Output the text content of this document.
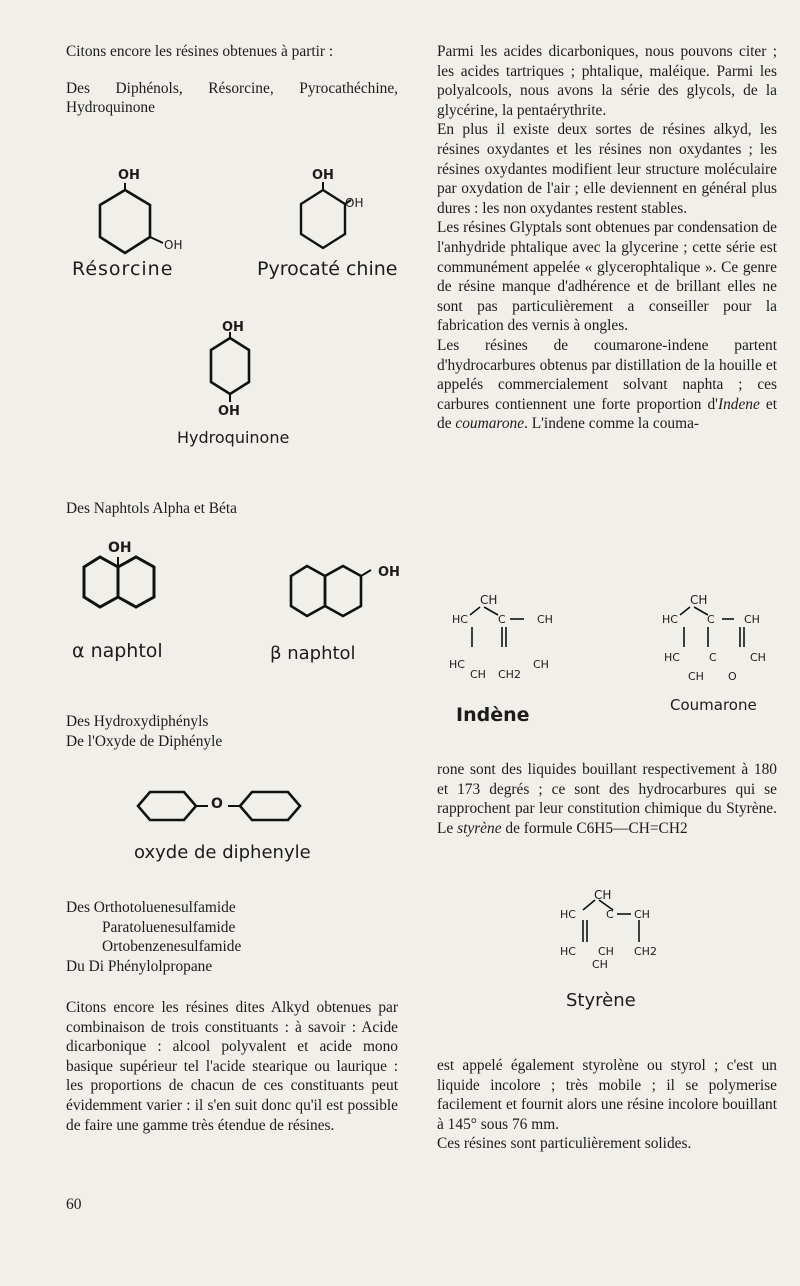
Citons encore les résines obtenues à partir :

Des Diphénols, Résorcine, Pyrocathéchine, Hydroquinone

OH
OH
Résorcine
OH
OH
Pyrocaté chine
OH
OH
Hydroquinone

Des Naphtols Alpha et Béta

OH
α naphtol
OH
β naphtol

Des Hydroxydiphényls

De l'Oxyde de Diphényle

O
oxyde de diphenyle

Des Orthotoluenesulfamide

Paratoluenesulfamide

Ortobenzenesulfamide

Du Di Phénylolpropane

Citons encore les résines dites Alkyd obtenues par combinaison de trois constituants : à savoir : Acide dicarbonique : alcool polyvalent et acide mono basique supérieur tel l'acide stearique ou laurique : les proportions de chacun de ces constituants peut évidemment varier : il s'en suit donc qu'il est possible de faire une gamme très étendue de résines.

Parmi les acides dicarboniques, nous pouvons citer ; les acides tartriques ; phtalique, maléique. Parmi les polyalcools, nous avons la série des glycols, de la glycérine, la pentaérythrite.

En plus il existe deux sortes de résines alkyd, les résines oxydantes et les résines non oxydantes ; les résines oxydantes modifient leur structure moléculaire par oxydation de l'air ; elle deviennent en général plus dures : les non oxydantes restent stables.

Les résines Glyptals sont obtenues par condensation de l'anhydride phtalique avec la glycerine ; cette série est communément appelée « glycerophtalique ». Ce genre de résine manque d'adhérence et de brillant elles ne sont pas particulièrement a conseiller pour la fabrication des vernis à ongles.

Les résines de coumarone-indene partent d'hydrocarbures obtenus par distillation de la houille et appelés commercialement solvant naphta ; ces carbures contiennent une forte proportion d'Indene et de coumarone. L'indene comme la couma-

CH
HC	C	CH
HC
CH CH2
CH
Indène
CH
HC	C	CH
HC	C	CH
CH O
Coumarone

rone sont des liquides bouillant respectivement à 180 et 173 degrés ; ce sont des hydrocarbures qui se rapprochent par leur constitution chimique du Styrène. Le styrène de formule C6H5—CH=CH2

CH
HC	C CH
HC
CH
CH CH2
Styrène

est appelé également styrolène ou styrol ; c'est un liquide incolore ; très mobile ; il se polymerise facilement et fournit alors une résine incolore bouillant à 145° sous 76 mm.

Ces résines sont particulièrement solides.

60
